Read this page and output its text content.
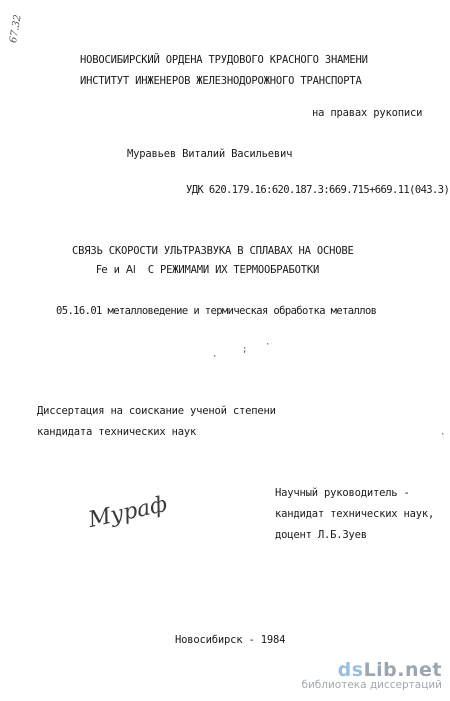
67.32
НОВОСИБИРСКИЙ ОРДЕНА ТРУДОВОГО КРАСНОГО ЗНАМЕНИ
ИНСТИТУТ ИНЖЕНЕРОВ ЖЕЛЕЗНОДОРОЖНОГО ТРАНСПОРТА
на правах рукописи
Муравьев Виталий Васильевич
УДК 620.179.16:620.187.3:669.715+669.11(043.3)
СВЯЗЬ СКОРОСТИ УЛЬТРАЗВУКА В СПЛАВАХ НА ОСНОВЕ
Fe и Al С РЕЖИМАМИ ИХ ТЕРМООБРАБОТКИ
05.16.01 металловедение и термическая обработка металлов
·
; ·
·
Диссертация на соискание ученой степени
кандидата технических наук
Мураф	Научный руководитель -
кандидат технических наук,
доцент Л.Б.Зуев
Новосибирск - 1984
dsLib.net
библиотека диссертаций
